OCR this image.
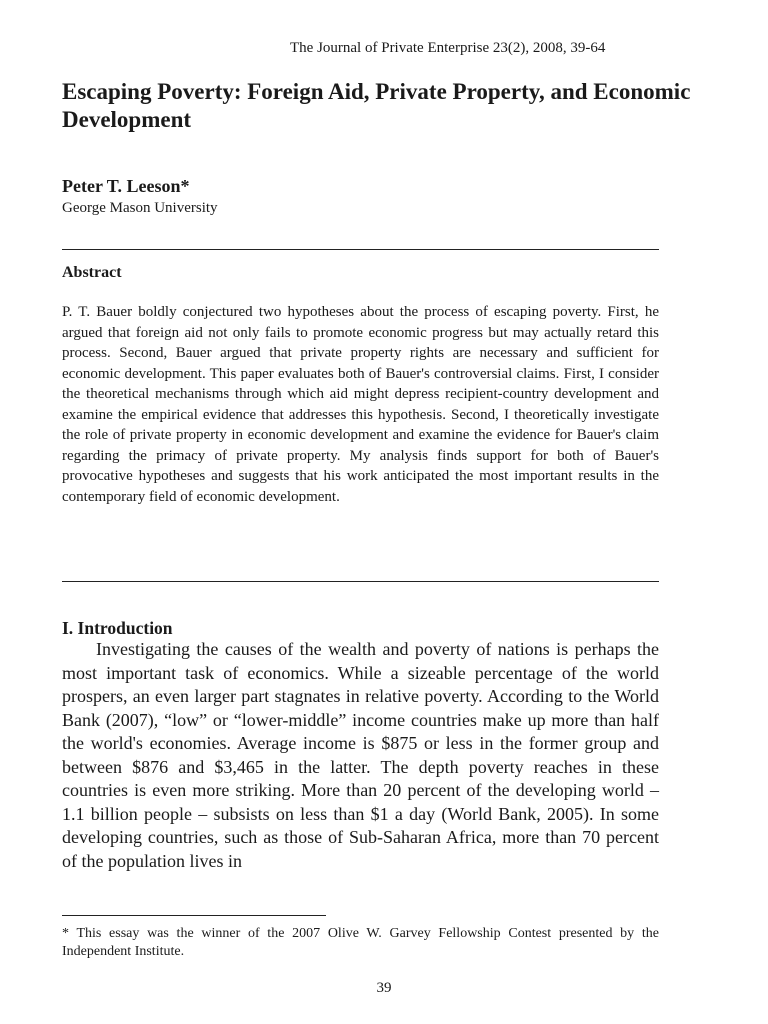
The Journal of Private Enterprise 23(2), 2008, 39-64
Escaping Poverty: Foreign Aid, Private Property, and Economic Development
Peter T. Leeson*
George Mason University
Abstract
P. T. Bauer boldly conjectured two hypotheses about the process of escaping poverty. First, he argued that foreign aid not only fails to promote economic progress but may actually retard this process. Second, Bauer argued that private property rights are necessary and sufficient for economic development. This paper evaluates both of Bauer's controversial claims. First, I consider the theoretical mechanisms through which aid might depress recipient-country development and examine the empirical evidence that addresses this hypothesis. Second, I theoretically investigate the role of private property in economic development and examine the evidence for Bauer's claim regarding the primacy of private property. My analysis finds support for both of Bauer's provocative hypotheses and suggests that his work anticipated the most important results in the contemporary field of economic development.
I. Introduction
Investigating the causes of the wealth and poverty of nations is perhaps the most important task of economics. While a sizeable percentage of the world prospers, an even larger part stagnates in relative poverty. According to the World Bank (2007), “low” or “lower-middle” income countries make up more than half the world's economies. Average income is $875 or less in the former group and between $876 and $3,465 in the latter. The depth poverty reaches in these countries is even more striking. More than 20 percent of the developing world – 1.1 billion people – subsists on less than $1 a day (World Bank, 2005). In some developing countries, such as those of Sub-Saharan Africa, more than 70 percent of the population lives in
* This essay was the winner of the 2007 Olive W. Garvey Fellowship Contest presented by the Independent Institute.
39
